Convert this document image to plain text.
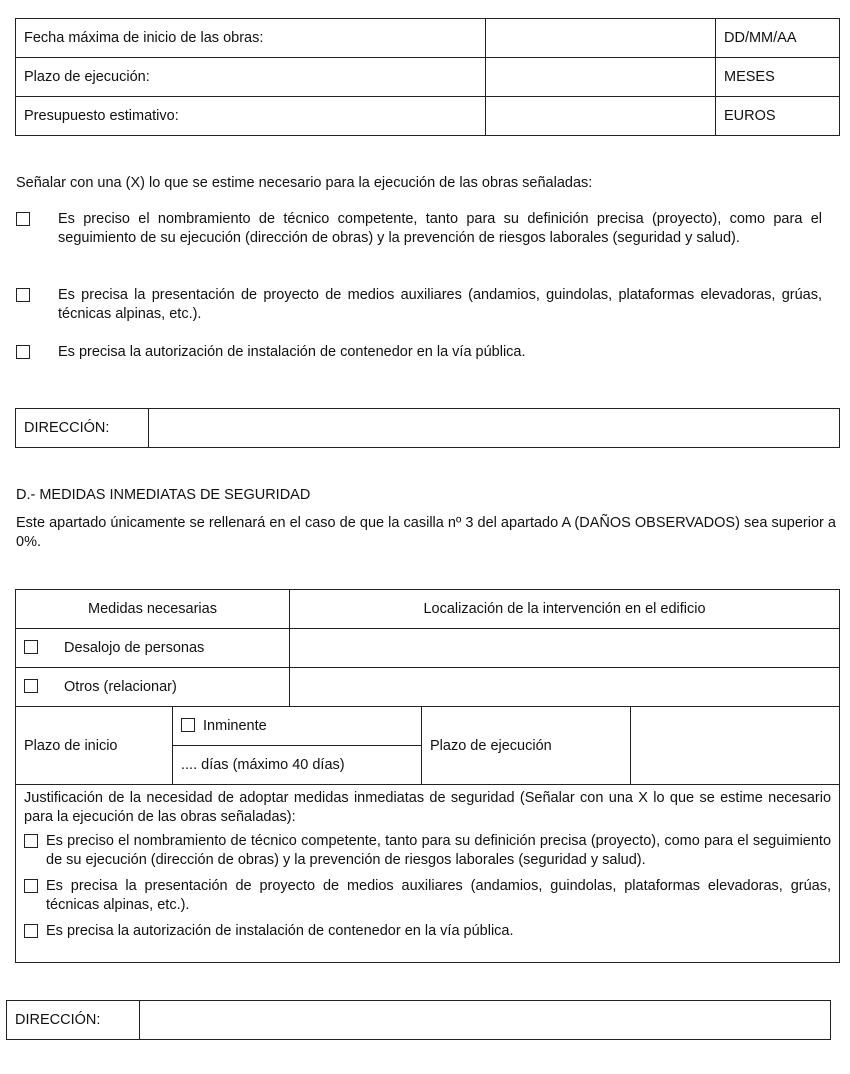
Fecha máxima de inicio de las obras:		DD/MM/AA
Plazo de ejecución:		MESES
Presupuesto estimativo:		EUROS
Señalar con una (X) lo que se estime necesario para la ejecución de las obras señaladas:
Es preciso el nombramiento de técnico competente, tanto para su definición precisa (proyecto), como para el seguimiento de su ejecución (dirección de obras) y la prevención de riesgos laborales (seguridad y salud).
Es precisa la presentación de proyecto de medios auxiliares (andamios, guindolas, plataformas elevadoras, grúas, técnicas alpinas, etc.).
Es precisa la autorización de instalación de contenedor en la vía pública.
DIRECCIÓN:	
D.- MEDIDAS INMEDIATAS DE SEGURIDAD
Este apartado únicamente se rellenará en el caso de que la casilla nº 3 del apartado A (DAÑOS OBSERVADOS) sea superior a 0%.
Medidas necesarias		Localización de la intervención en el edificio		
Desalojo de personas				
Otros (relacionar)				
Plazo de inicio	Inminente		Plazo de ejecución	
	.... días (máximo 40 días)			

Justificación de la necesidad de adoptar medidas inmediatas de seguridad (Señalar con una X lo que se estime necesario para la ejecución de las obras señaladas):
Es preciso el nombramiento de técnico competente, tanto para su definición precisa (proyecto), como para el seguimiento de su ejecución (dirección de obras) y la prevención de riesgos laborales (seguridad y salud).
Es precisa la presentación de proyecto de medios auxiliares (andamios, guindolas, plataformas elevadoras, grúas, técnicas alpinas, etc.).
Es precisa la autorización de instalación de contenedor en la vía pública.				
DIRECCIÓN:	
